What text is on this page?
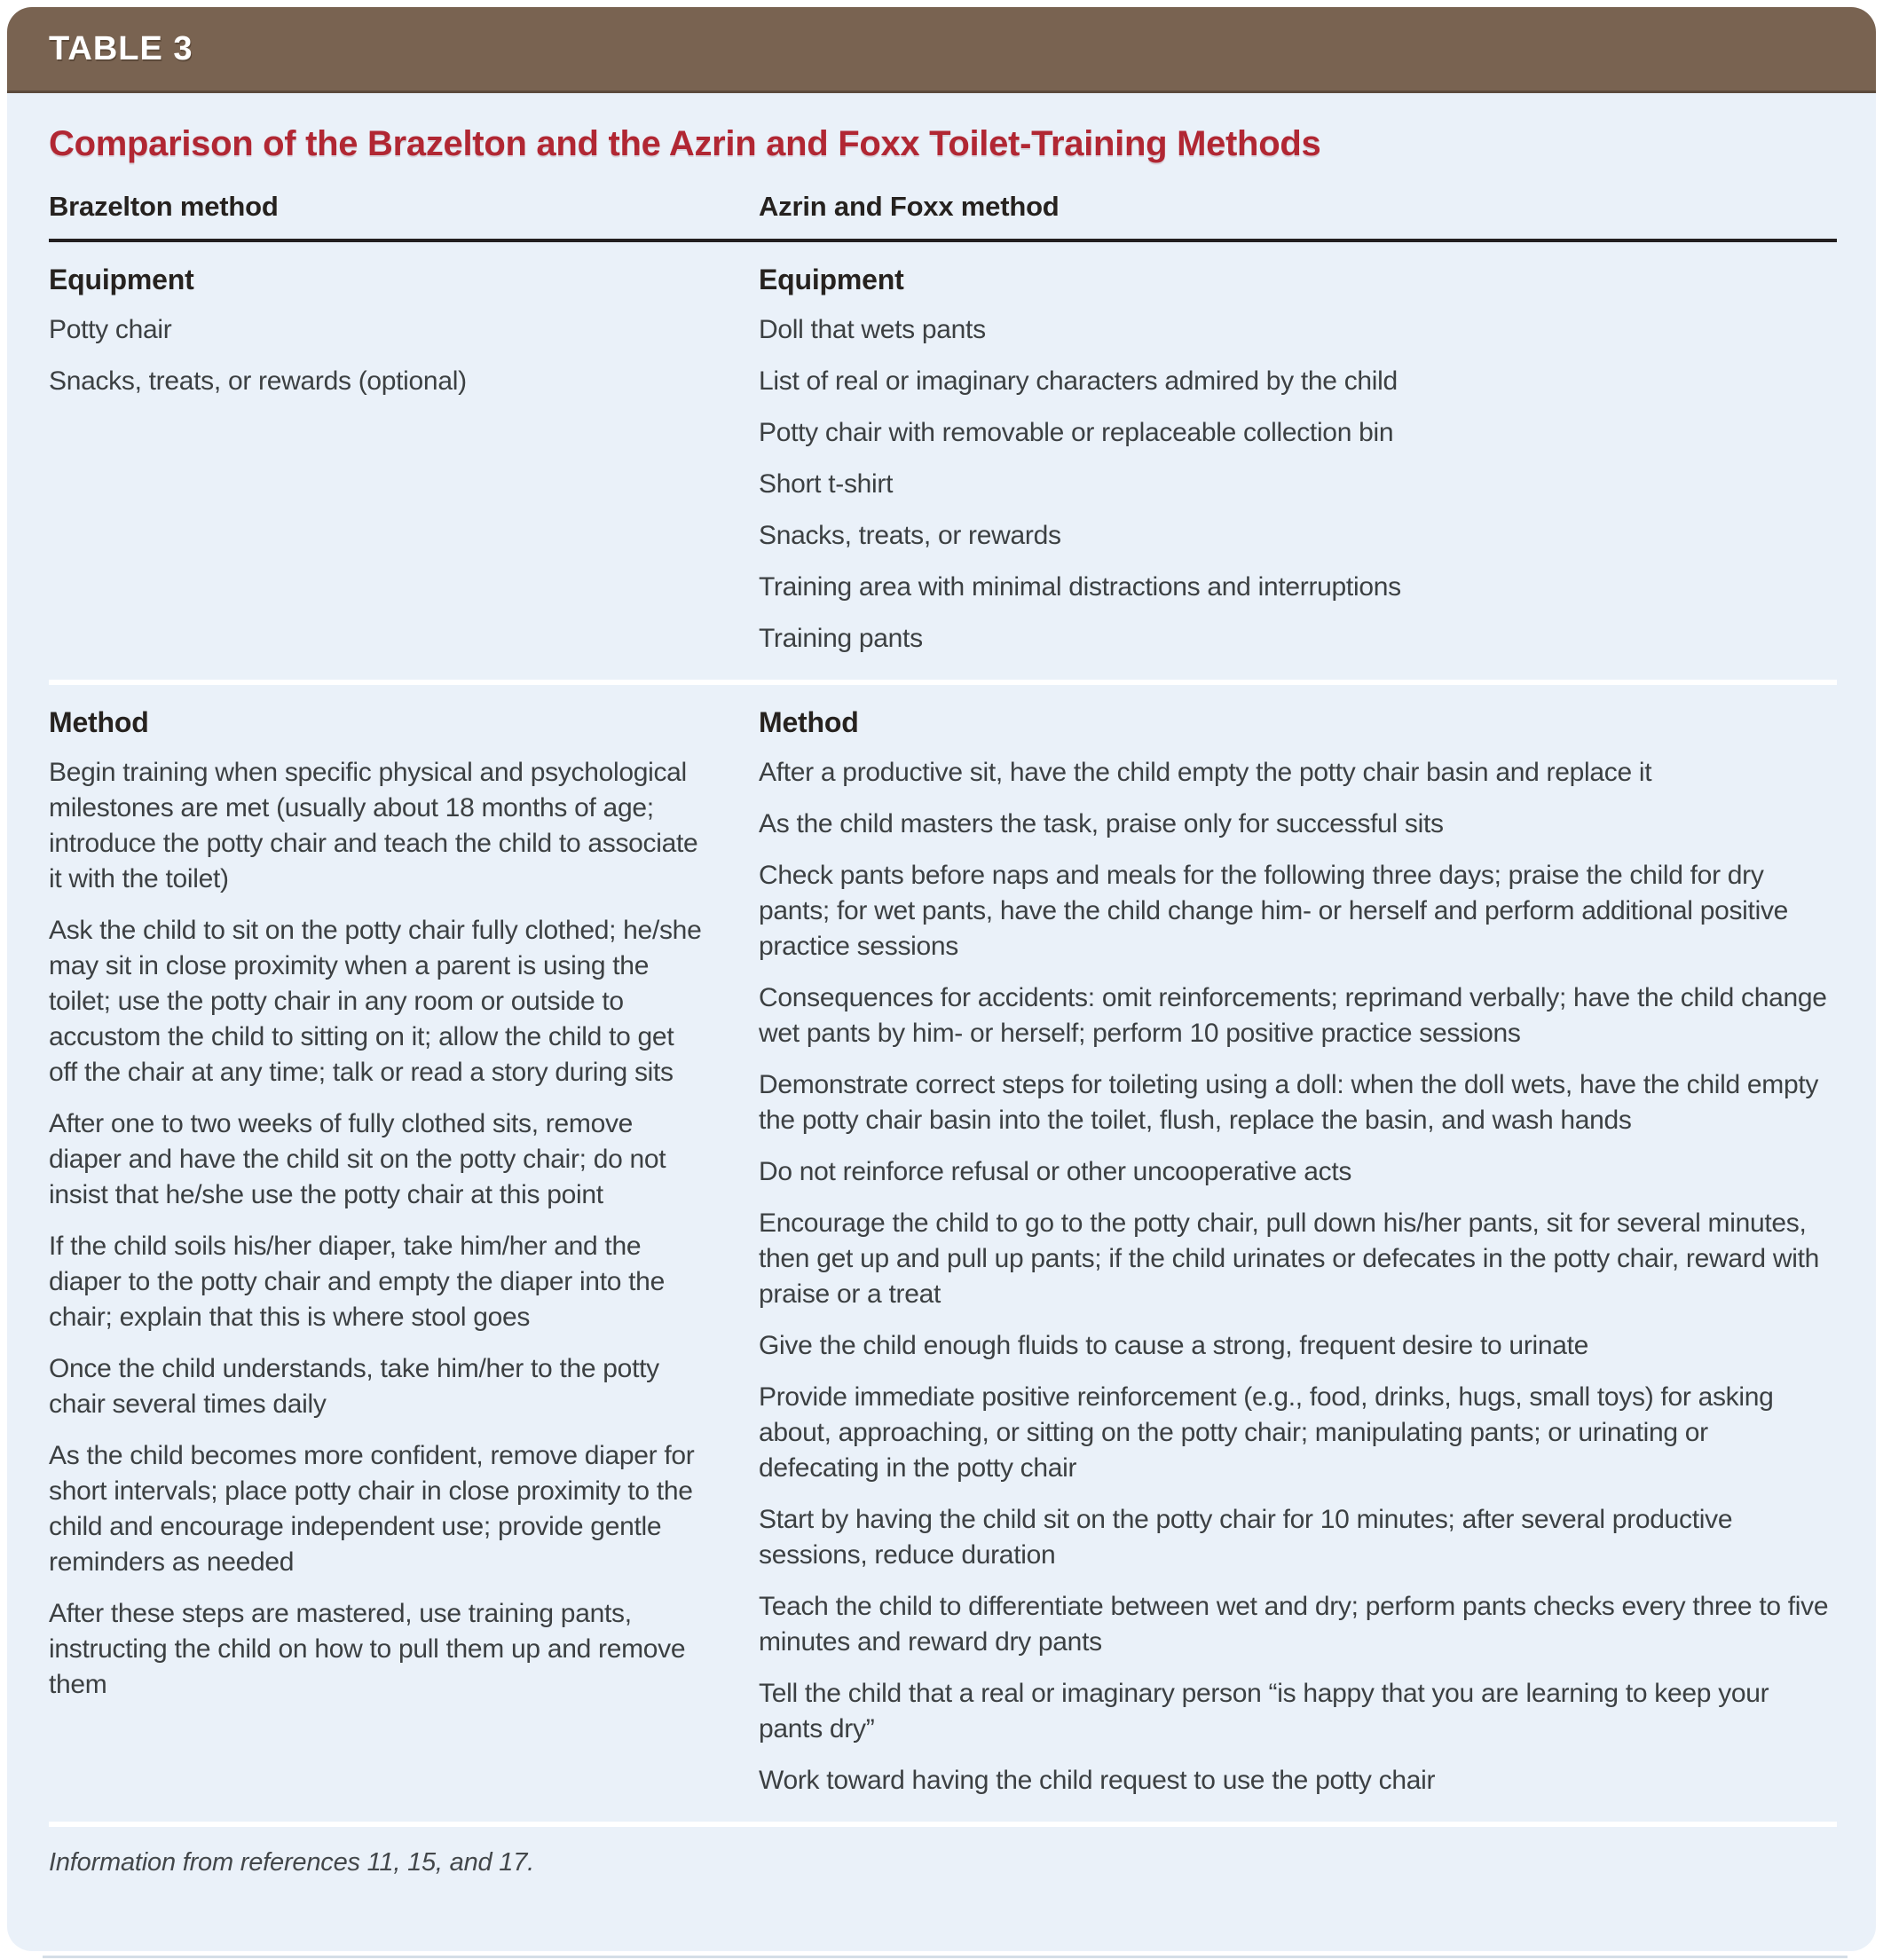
TABLE 3
Comparison of the Brazelton and the Azrin and Foxx Toilet-Training Methods
Brazelton method	Azrin and Foxx method
Equipment

Potty chair

Snacks, treats, or rewards (optional)

Equipment

Doll that wets pants

List of real or imaginary characters admired by the child

Potty chair with removable or replaceable collection bin

Short t-shirt

Snacks, treats, or rewards

Training area with minimal distractions and interruptions

Training pants

Method

Begin training when specific physical and psychological milestones are met (usually about 18 months of age; introduce the potty chair and teach the child to associate it with the toilet)

Ask the child to sit on the potty chair fully clothed; he/she may sit in close proximity when a parent is using the toilet; use the potty chair in any room or outside to accustom the child to sitting on it; allow the child to get off the chair at any time; talk or read a story during sits

After one to two weeks of fully clothed sits, remove diaper and have the child sit on the potty chair; do not insist that he/she use the potty chair at this point

If the child soils his/her diaper, take him/her and the diaper to the potty chair and empty the diaper into the chair; explain that this is where stool goes

Once the child understands, take him/her to the potty chair several times daily

As the child becomes more confident, remove diaper for short intervals; place potty chair in close proximity to the child and encourage independent use; provide gentle reminders as needed

After these steps are mastered, use training pants, instructing the child on how to pull them up and remove them

Method

After a productive sit, have the child empty the potty chair basin and replace it

As the child masters the task, praise only for successful sits

Check pants before naps and meals for the following three days; praise the child for dry pants; for wet pants, have the child change him- or herself and perform additional positive practice sessions

Consequences for accidents: omit reinforcements; reprimand verbally; have the child change wet pants by him- or herself; perform 10 positive practice sessions

Demonstrate correct steps for toileting using a doll: when the doll wets, have the child empty the potty chair basin into the toilet, flush, replace the basin, and wash hands

Do not reinforce refusal or other uncooperative acts

Encourage the child to go to the potty chair, pull down his/her pants, sit for several minutes, then get up and pull up pants; if the child urinates or defecates in the potty chair, reward with praise or a treat

Give the child enough fluids to cause a strong, frequent desire to urinate

Provide immediate positive reinforcement (e.g., food, drinks, hugs, small toys) for asking about, approaching, or sitting on the potty chair; manipulating pants; or urinating or defecating in the potty chair

Start by having the child sit on the potty chair for 10 minutes; after several productive sessions, reduce duration

Teach the child to differentiate between wet and dry; perform pants checks every three to five minutes and reward dry pants

Tell the child that a real or imaginary person “is happy that you are learning to keep your pants dry”

Work toward having the child request to use the potty chair

Information from references 11, 15, and 17.
